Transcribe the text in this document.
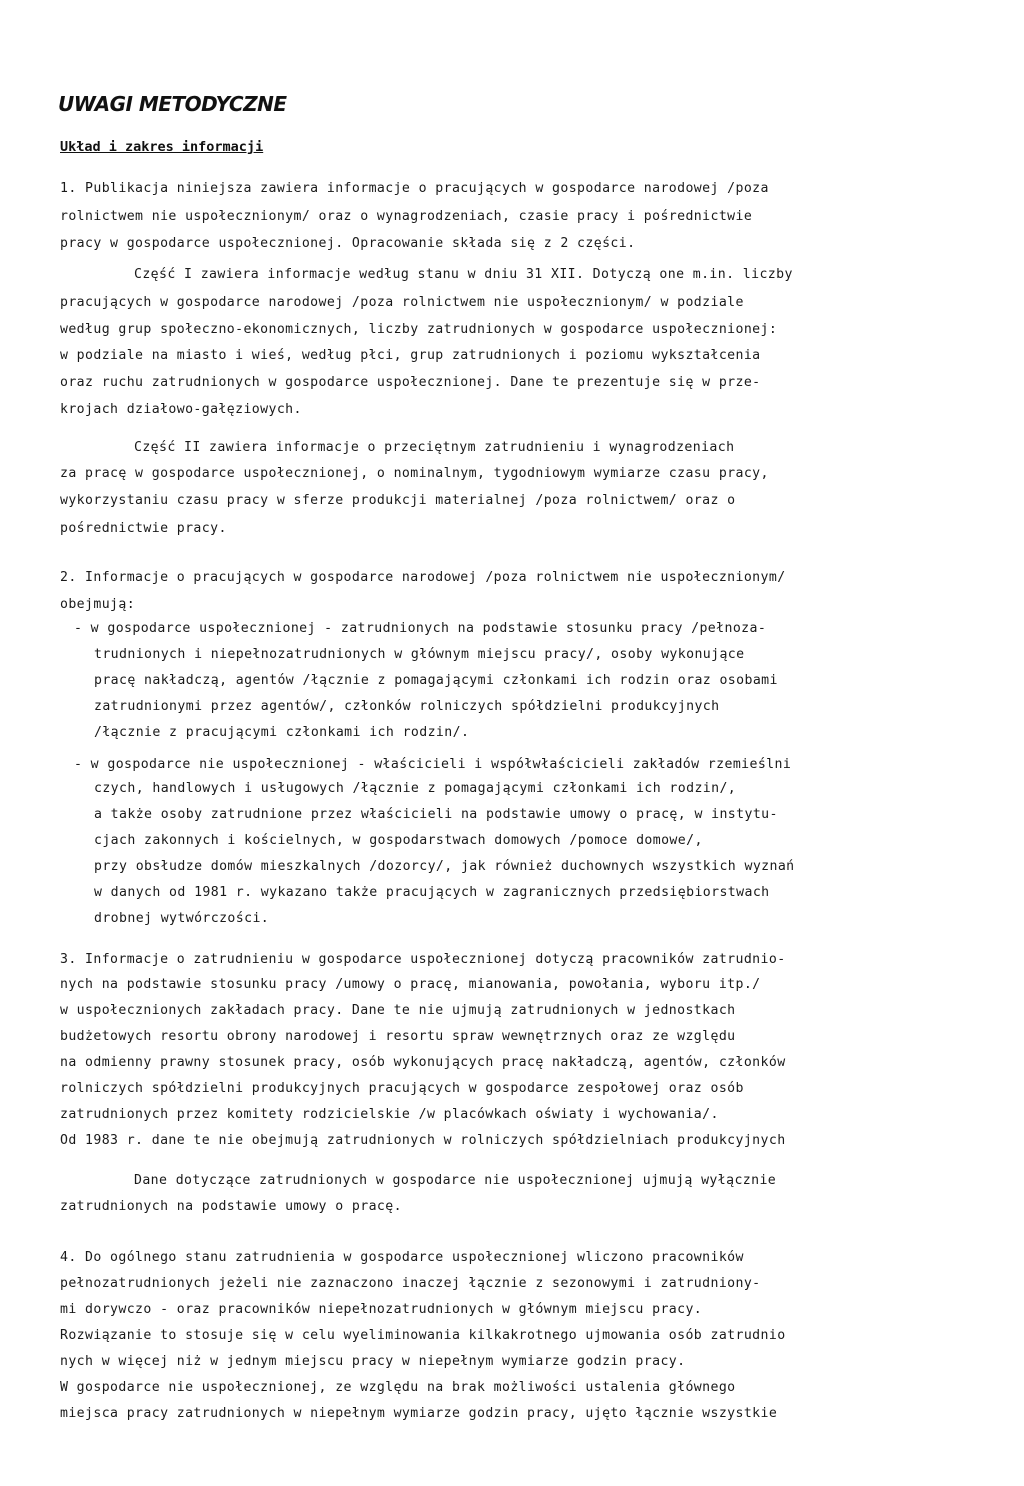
UWAGI METODYCZNE
Układ i zakres informacji
1. Publikacja niniejsza zawiera informacje o pracujących w gospodarce narodowej /poza
rolnictwem nie uspołecznionym/ oraz o wynagrodzeniach, czasie pracy i pośrednictwie
pracy w gospodarce uspołecznionej. Opracowanie składa się z 2 części.
Część I zawiera informacje według stanu w dniu 31 XII. Dotyczą one m.in. liczby
pracujących w gospodarce narodowej /poza rolnictwem nie uspołecznionym/ w podziale
według grup społeczno-ekonomicznych, liczby zatrudnionych w gospodarce uspołecznionej:
w podziale na miasto i wieś, według płci, grup zatrudnionych i poziomu wykształcenia
oraz ruchu zatrudnionych w gospodarce uspołecznionej. Dane te prezentuje się w prze-
krojach działowo-gałęziowych.
Część II zawiera informacje o przeciętnym zatrudnieniu i wynagrodzeniach
za pracę w gospodarce uspołecznionej, o nominalnym, tygodniowym wymiarze czasu pracy,
wykorzystaniu czasu pracy w sferze produkcji materialnej /poza rolnictwem/ oraz o
pośrednictwie pracy.
2. Informacje o pracujących w gospodarce narodowej /poza rolnictwem nie uspołecznionym/
obejmują:
- w gospodarce uspołecznionej - zatrudnionych na podstawie stosunku pracy /pełnoza-
trudnionych i niepełnozatrudnionych w głównym miejscu pracy/, osoby wykonujące
pracę nakładczą, agentów /łącznie z pomagającymi członkami ich rodzin oraz osobami
zatrudnionymi przez agentów/, członków rolniczych spółdzielni produkcyjnych
/łącznie z pracującymi członkami ich rodzin/.
- w gospodarce nie uspołecznionej - właścicieli i współwłaścicieli zakładów rzemieślni
czych, handlowych i usługowych /łącznie z pomagającymi członkami ich rodzin/,
a także osoby zatrudnione przez właścicieli na podstawie umowy o pracę, w instytu-
cjach zakonnych i kościelnych, w gospodarstwach domowych /pomoce domowe/,
przy obsłudze domów mieszkalnych /dozorcy/, jak również duchownych wszystkich wyznań
w danych od 1981 r. wykazano także pracujących w zagranicznych przedsiębiorstwach
drobnej wytwórczości.
3. Informacje o zatrudnieniu w gospodarce uspołecznionej dotyczą pracowników zatrudnio-
nych na podstawie stosunku pracy /umowy o pracę, mianowania, powołania, wyboru itp./
w uspołecznionych zakładach pracy. Dane te nie ujmują zatrudnionych w jednostkach
budżetowych resortu obrony narodowej i resortu spraw wewnętrznych oraz ze względu
na odmienny prawny stosunek pracy, osób wykonujących pracę nakładczą, agentów, członków
rolniczych spółdzielni produkcyjnych pracujących w gospodarce zespołowej oraz osób
zatrudnionych przez komitety rodzicielskie /w placówkach oświaty i wychowania/.
Od 1983 r. dane te nie obejmują zatrudnionych w rolniczych spółdzielniach produkcyjnych
Dane dotyczące zatrudnionych w gospodarce nie uspołecznionej ujmują wyłącznie
zatrudnionych na podstawie umowy o pracę.
4. Do ogólnego stanu zatrudnienia w gospodarce uspołecznionej wliczono pracowników
pełnozatrudnionych jeżeli nie zaznaczono inaczej łącznie z sezonowymi i zatrudniony-
mi dorywczo - oraz pracowników niepełnozatrudnionych w głównym miejscu pracy.
Rozwiązanie to stosuje się w celu wyeliminowania kilkakrotnego ujmowania osób zatrudnio
nych w więcej niż w jednym miejscu pracy w niepełnym wymiarze godzin pracy.
W gospodarce nie uspołecznionej, ze względu na brak możliwości ustalenia głównego
miejsca pracy zatrudnionych w niepełnym wymiarze godzin pracy, ujęto łącznie wszystkie
